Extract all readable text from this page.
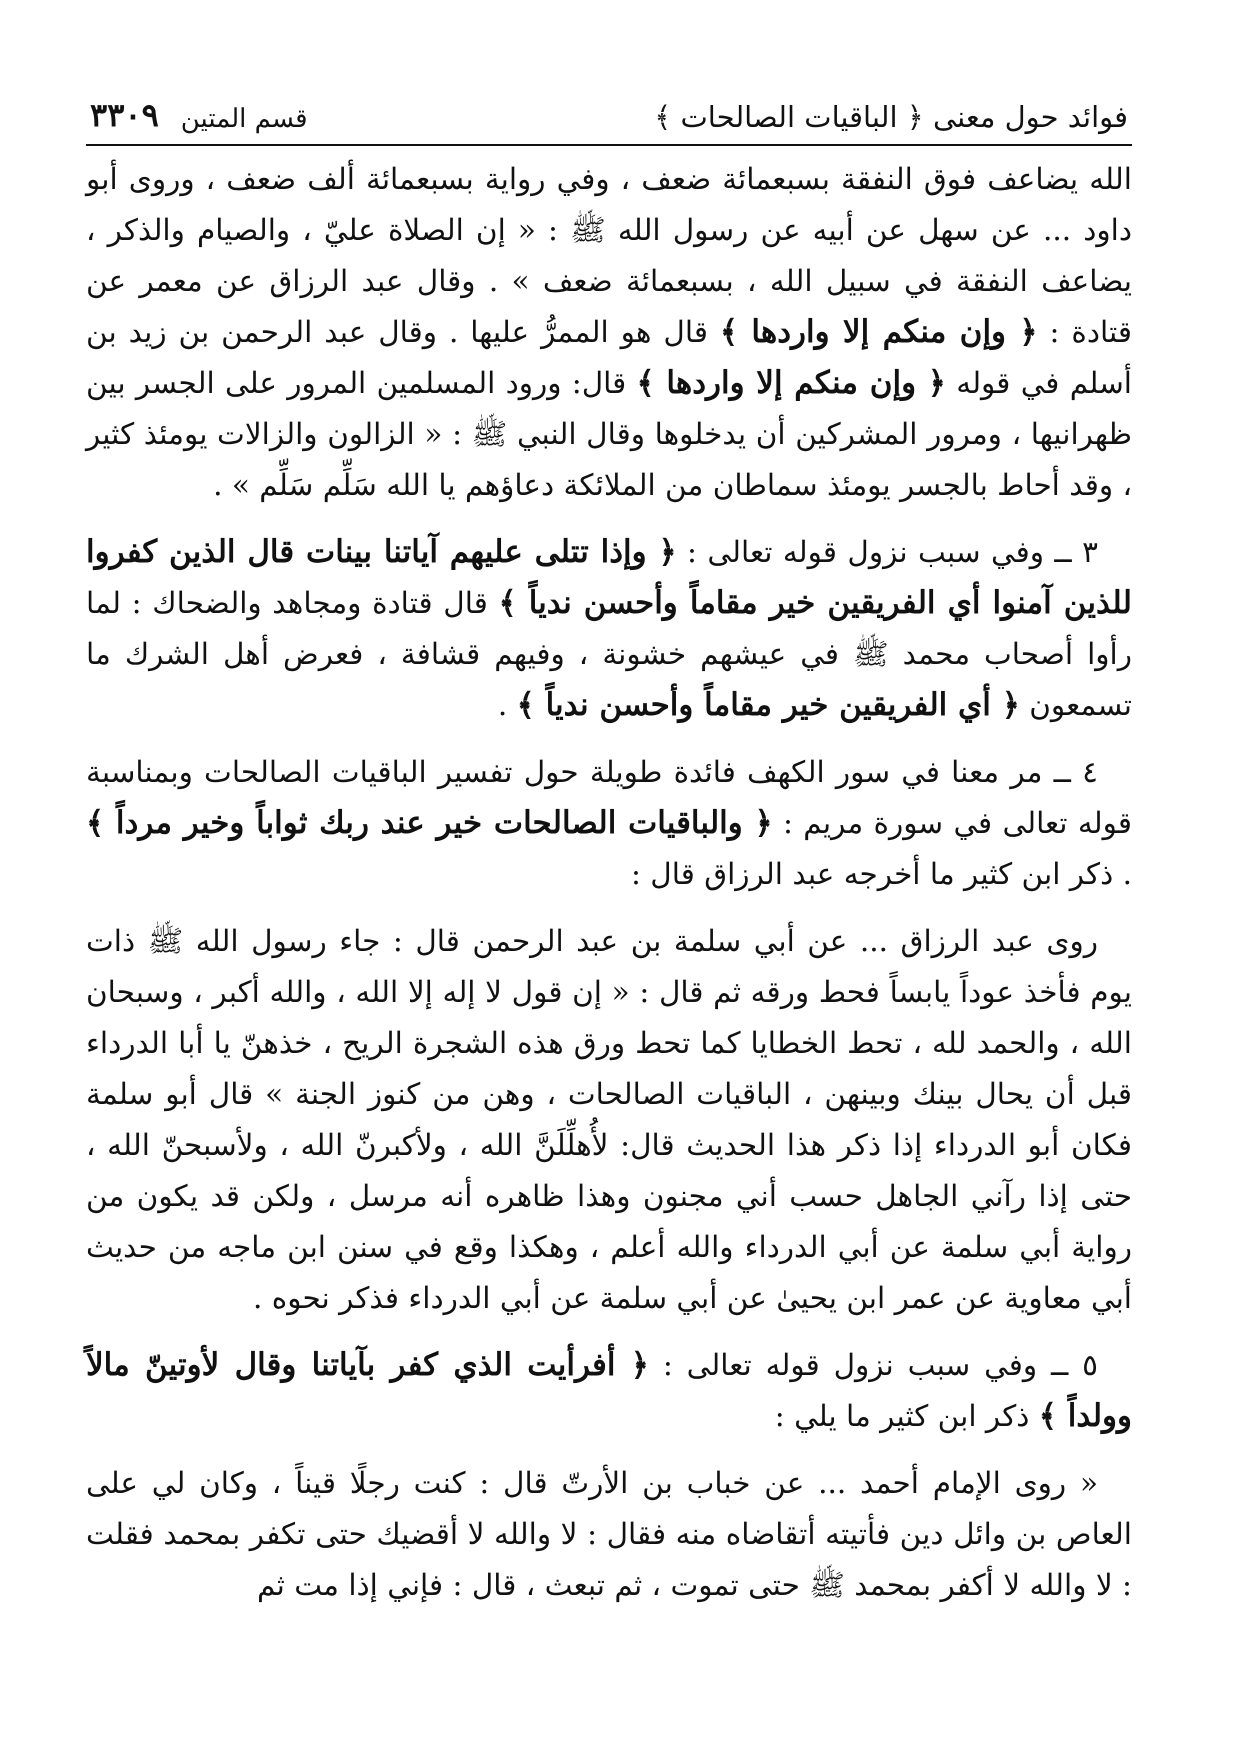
فوائد حول معنى ﴿ الباقيات الصالحات ﴾
قسم المتين
٣٣٠٩

الله يضاعف فوق النفقة بسبعمائة ضعف ، وفي رواية بسبعمائة ألف ضعف ، وروى أبو داود ... عن سهل عن أبيه عن رسول الله ﷺ : « إن الصلاة عليّ ، والصيام والذكر ، يضاعف النفقة في سبيل الله ، بسبعمائة ضعف » . وقال عبد الرزاق عن معمر عن قتادة : ﴿ وإن منكم إلا واردها ﴾ قال هو الممرُّ عليها . وقال عبد الرحمن بن زيد بن أسلم في قوله ﴿ وإن منكم إلا واردها ﴾ قال: ورود المسلمين المرور على الجسر بين ظهرانيها ، ومرور المشركين أن يدخلوها وقال النبي ﷺ : « الزالون والزالات يومئذ كثير ، وقد أحاط بالجسر يومئذ سماطان من الملائكة دعاؤهم يا الله سَلِّم سَلِّم » .

٣ ــ وفي سبب نزول قوله تعالى : ﴿ وإذا تتلى عليهم آياتنا بينات قال الذين كفروا للذين آمنوا أي الفريقين خير مقاماً وأحسن ندياً ﴾ قال قتادة ومجاهد والضحاك : لما رأوا أصحاب محمد ﷺ في عيشهم خشونة ، وفيهم قشافة ، فعرض أهل الشرك ما تسمعون ﴿ أي الفريقين خير مقاماً وأحسن ندياً ﴾ .

٤ ــ مر معنا في سور الكهف فائدة طويلة حول تفسير الباقيات الصالحات وبمناسبة قوله تعالى في سورة مريم : ﴿ والباقيات الصالحات خير عند ربك ثواباً وخير مرداً ﴾ . ذكر ابن كثير ما أخرجه عبد الرزاق قال :

روى عبد الرزاق ... عن أبي سلمة بن عبد الرحمن قال : جاء رسول الله ﷺ ذات يوم فأخذ عوداً يابساً فحط ورقه ثم قال : « إن قول لا إله إلا الله ، والله أكبر ، وسبحان الله ، والحمد لله ، تحط الخطايا كما تحط ورق هذه الشجرة الريح ، خذهنّ يا أبا الدرداء قبل أن يحال بينك وبينهن ، الباقيات الصالحات ، وهن من كنوز الجنة » قال أبو سلمة فكان أبو الدرداء إذا ذكر هذا الحديث قال: لأُهلِّلَنَّ الله ، ولأكبرنّ الله ، ولأسبحنّ الله ، حتى إذا رآني الجاهل حسب أني مجنون وهذا ظاهره أنه مرسل ، ولكن قد يكون من رواية أبي سلمة عن أبي الدرداء والله أعلم ، وهكذا وقع في سنن ابن ماجه من حديث أبي معاوية عن عمر ابن يحيىٰ عن أبي سلمة عن أبي الدرداء فذكر نحوه .

٥ ــ وفي سبب نزول قوله تعالى : ﴿ أفرأيت الذي كفر بآياتنا وقال لأوتينّ مالاً وولداً ﴾ ذكر ابن كثير ما يلي :

« روى الإمام أحمد ... عن خباب بن الأرتّ قال : كنت رجلًا قيناً ، وكان لي على العاص بن وائل دين فأتيته أتقاضاه منه فقال : لا والله لا أقضيك حتى تكفر بمحمد فقلت : لا والله لا أكفر بمحمد ﷺ حتى تموت ، ثم تبعث ، قال : فإني إذا مت ثم
